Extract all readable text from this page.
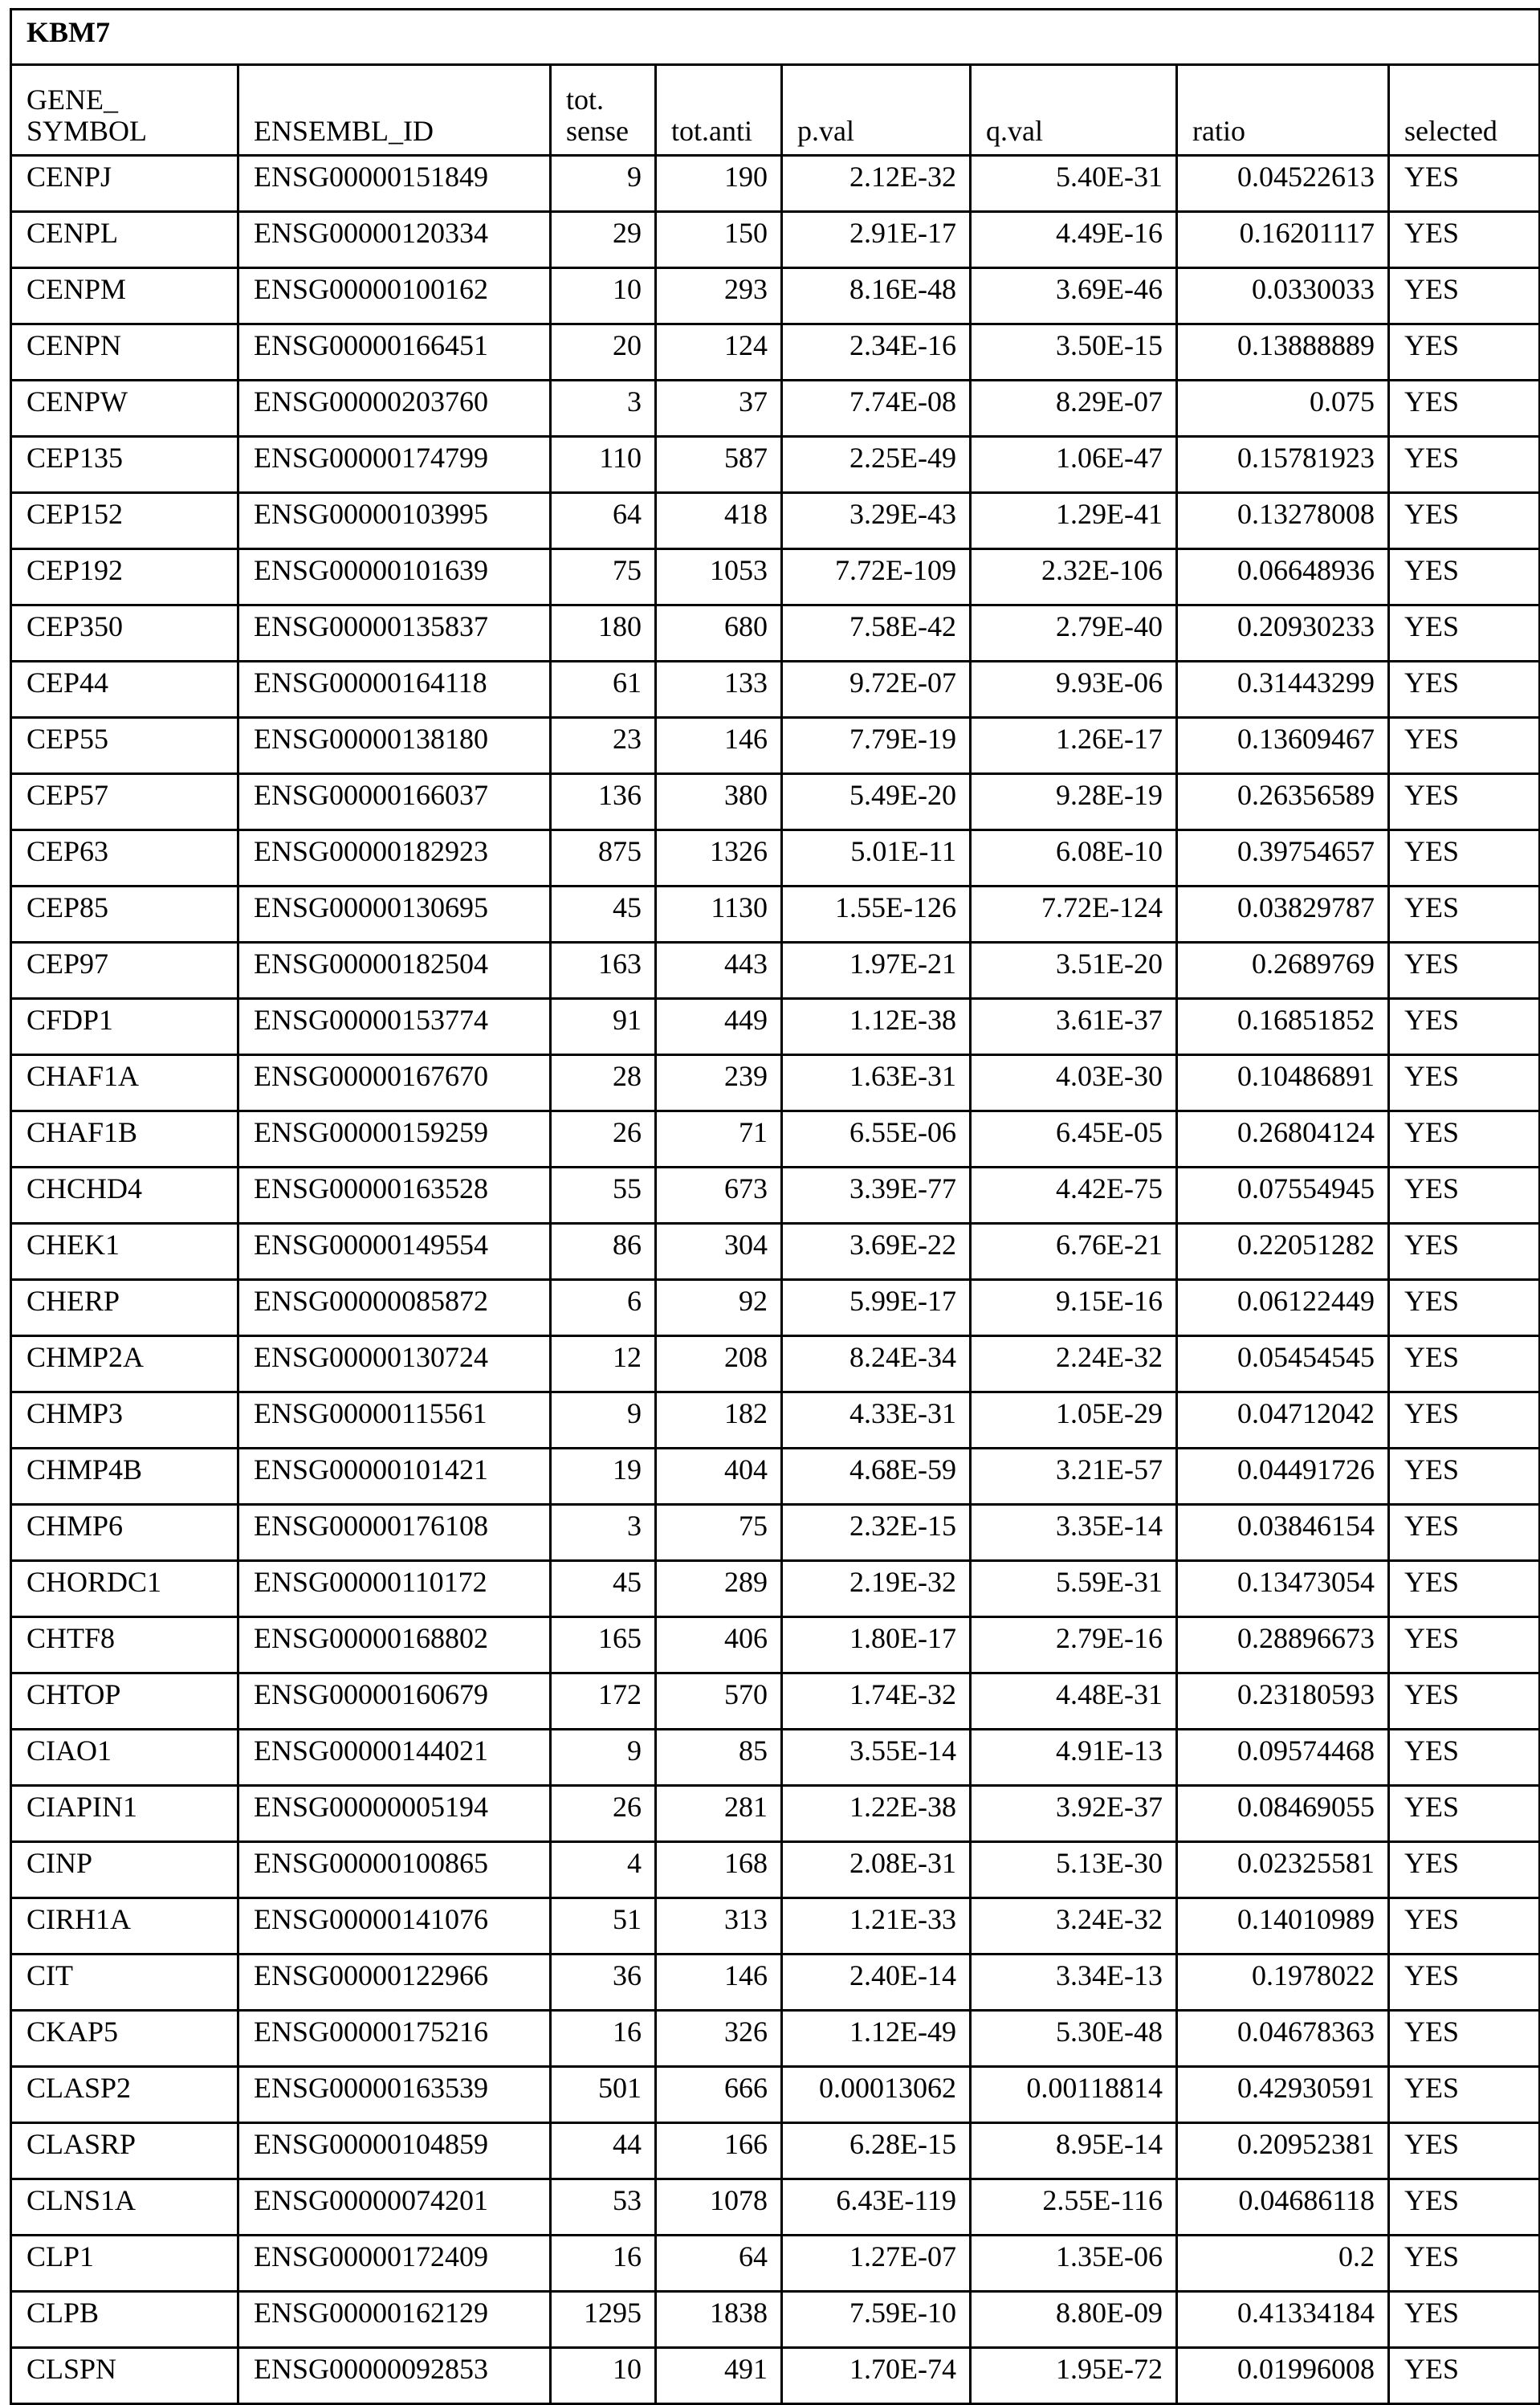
KBM7
GENE_
SYMBOL	ENSEMBL_ID	tot.
sense	tot.anti	p.val	q.val	ratio	selected
CENPJ	ENSG00000151849	9	190	2.12E-32	5.40E-31	0.04522613	YES
CENPL	ENSG00000120334	29	150	2.91E-17	4.49E-16	0.16201117	YES
CENPM	ENSG00000100162	10	293	8.16E-48	3.69E-46	0.0330033	YES
CENPN	ENSG00000166451	20	124	2.34E-16	3.50E-15	0.13888889	YES
CENPW	ENSG00000203760	3	37	7.74E-08	8.29E-07	0.075	YES
CEP135	ENSG00000174799	110	587	2.25E-49	1.06E-47	0.15781923	YES
CEP152	ENSG00000103995	64	418	3.29E-43	1.29E-41	0.13278008	YES
CEP192	ENSG00000101639	75	1053	7.72E-109	2.32E-106	0.06648936	YES
CEP350	ENSG00000135837	180	680	7.58E-42	2.79E-40	0.20930233	YES
CEP44	ENSG00000164118	61	133	9.72E-07	9.93E-06	0.31443299	YES
CEP55	ENSG00000138180	23	146	7.79E-19	1.26E-17	0.13609467	YES
CEP57	ENSG00000166037	136	380	5.49E-20	9.28E-19	0.26356589	YES
CEP63	ENSG00000182923	875	1326	5.01E-11	6.08E-10	0.39754657	YES
CEP85	ENSG00000130695	45	1130	1.55E-126	7.72E-124	0.03829787	YES
CEP97	ENSG00000182504	163	443	1.97E-21	3.51E-20	0.2689769	YES
CFDP1	ENSG00000153774	91	449	1.12E-38	3.61E-37	0.16851852	YES
CHAF1A	ENSG00000167670	28	239	1.63E-31	4.03E-30	0.10486891	YES
CHAF1B	ENSG00000159259	26	71	6.55E-06	6.45E-05	0.26804124	YES
CHCHD4	ENSG00000163528	55	673	3.39E-77	4.42E-75	0.07554945	YES
CHEK1	ENSG00000149554	86	304	3.69E-22	6.76E-21	0.22051282	YES
CHERP	ENSG00000085872	6	92	5.99E-17	9.15E-16	0.06122449	YES
CHMP2A	ENSG00000130724	12	208	8.24E-34	2.24E-32	0.05454545	YES
CHMP3	ENSG00000115561	9	182	4.33E-31	1.05E-29	0.04712042	YES
CHMP4B	ENSG00000101421	19	404	4.68E-59	3.21E-57	0.04491726	YES
CHMP6	ENSG00000176108	3	75	2.32E-15	3.35E-14	0.03846154	YES
CHORDC1	ENSG00000110172	45	289	2.19E-32	5.59E-31	0.13473054	YES
CHTF8	ENSG00000168802	165	406	1.80E-17	2.79E-16	0.28896673	YES
CHTOP	ENSG00000160679	172	570	1.74E-32	4.48E-31	0.23180593	YES
CIAO1	ENSG00000144021	9	85	3.55E-14	4.91E-13	0.09574468	YES
CIAPIN1	ENSG00000005194	26	281	1.22E-38	3.92E-37	0.08469055	YES
CINP	ENSG00000100865	4	168	2.08E-31	5.13E-30	0.02325581	YES
CIRH1A	ENSG00000141076	51	313	1.21E-33	3.24E-32	0.14010989	YES
CIT	ENSG00000122966	36	146	2.40E-14	3.34E-13	0.1978022	YES
CKAP5	ENSG00000175216	16	326	1.12E-49	5.30E-48	0.04678363	YES
CLASP2	ENSG00000163539	501	666	0.00013062	0.00118814	0.42930591	YES
CLASRP	ENSG00000104859	44	166	6.28E-15	8.95E-14	0.20952381	YES
CLNS1A	ENSG00000074201	53	1078	6.43E-119	2.55E-116	0.04686118	YES
CLP1	ENSG00000172409	16	64	1.27E-07	1.35E-06	0.2	YES
CLPB	ENSG00000162129	1295	1838	7.59E-10	8.80E-09	0.41334184	YES
CLSPN	ENSG00000092853	10	491	1.70E-74	1.95E-72	0.01996008	YES
